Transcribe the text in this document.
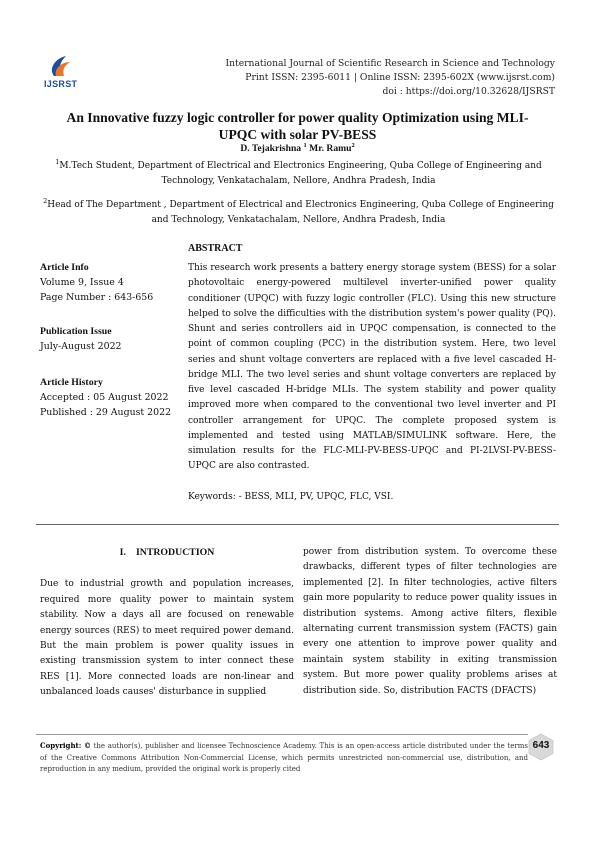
IJSRST
International Journal of Scientific Research in Science and Technology
Print ISSN: 2395-6011 | Online ISSN: 2395-602X (www.ijsrst.com)
doi : https://doi.org/10.32628/IJSRST
An Innovative fuzzy logic controller for power quality Optimization using MLI-
UPQC with solar PV-BESS
D. Tejakrishna $^1$ Mr. Ramu$^2$
$^1$M.Tech Student, Department of Electrical and Electronics Engineering, Quba College of Engineering and
Technology, Venkatachalam, Nellore, Andhra Pradesh, India
$^2$Head of The Department , Department of Electrical and Electronics Engineering, Quba College of Engineering
and Technology, Venkatachalam, Nellore, Andhra Pradesh, India
ABSTRACT
Article Info
Volume 9, Issue 4
Page Number : 643-656
Publication Issue
July-August 2022
Article History
Accepted : 05 August 2022
Published : 29 August 2022
This research work presents a battery energy storage system (BESS) for a solar photovoltaic energy-powered multilevel inverter-unified power quality conditioner (UPQC) with fuzzy logic controller (FLC). Using this new structure helped to solve the difficulties with the distribution system's power quality (PQ). Shunt and series controllers aid in UPQC compensation, is connected to the point of common coupling (PCC) in the distribution system. Here, two level series and shunt voltage converters are replaced with a five level cascaded H-bridge MLI. The two level series and shunt voltage converters are replaced by five level cascaded H-bridge MLIs. The system stability and power quality improved more when compared to the conventional two level inverter and PI controller arrangement for UPQC. The complete proposed system is implemented and tested using MATLAB/SIMULINK software. Here, the simulation results for the FLC-MLI-PV-BESS-UPQC and PI-2LVSI-PV-BESS-UPQC are also contrasted.
Keywords: - BESS, MLI, PV, UPQC, FLC, VSI.
I. INTRODUCTION

Due to industrial growth and population increases, required more quality power to maintain system stability. Now a days all are focused on renewable energy sources (RES) to meet required power demand. But the main problem is power quality issues in existing transmission system to inter connect these RES [1]. More connected loads are non-linear and unbalanced loads causes' disturbance in supplied

power from distribution system. To overcome these drawbacks, different types of filter technologies are implemented [2]. In filter technologies, active filters gain more popularity to reduce power quality issues in distribution systems. Among active filters, flexible alternating current transmission system (FACTS) gain every one attention to improve power quality and maintain system stability in exiting transmission system. But more power quality problems arises at distribution side. So, distribution FACTS (DFACTS)

Copyright: © the author(s), publisher and licensee Technoscience Academy. This is an open-access article distributed under the terms of the Creative Commons Attribution Non-Commercial License, which permits unrestricted non-commercial use, distribution, and reproduction in any medium, provided the original work is properly cited
643
